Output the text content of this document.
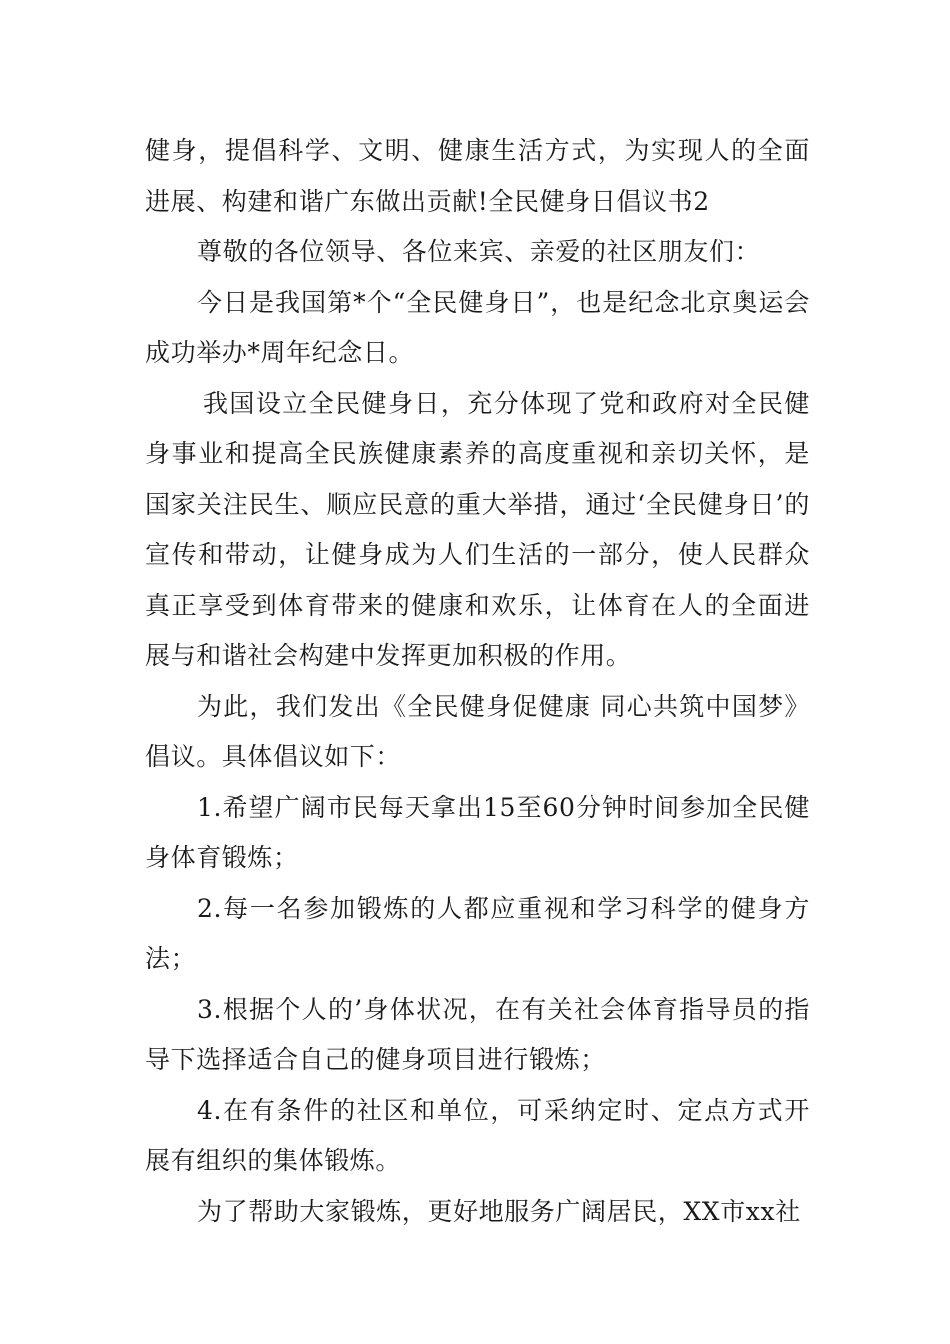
健身，提倡科学、文明、健康生活方式，为实现人的全面进展、构建和谐广东做出贡献!全民健身日倡议书2

尊敬的各位领导、各位来宾、亲爱的社区朋友们：

今日是我国第*个“全民健身日”，也是纪念北京奥运会成功举办*周年纪念日。

我国设立全民健身日，充分体现了党和政府对全民健身事业和提高全民族健康素养的高度重视和亲切关怀，是国家关注民生、顺应民意的重大举措，通过‘全民健身日’的宣传和带动，让健身成为人们生活的一部分，使人民群众真正享受到体育带来的健康和欢乐，让体育在人的全面进展与和谐社会构建中发挥更加积极的作用。

为此，我们发出《全民健身促健康 同心共筑中国梦》倡议。具体倡议如下：

1.希望广阔市民每天拿出15至60分钟时间参加全民健身体育锻炼；

2.每一名参加锻炼的人都应重视和学习科学的健身方法；

3.根据个人的’身体状况，在有关社会体育指导员的指导下选择适合自己的健身项目进行锻炼；

4.在有条件的社区和单位，可采纳定时、定点方式开展有组织的集体锻炼。

为了帮助大家锻炼，更好地服务广阔居民，XX市xx社
